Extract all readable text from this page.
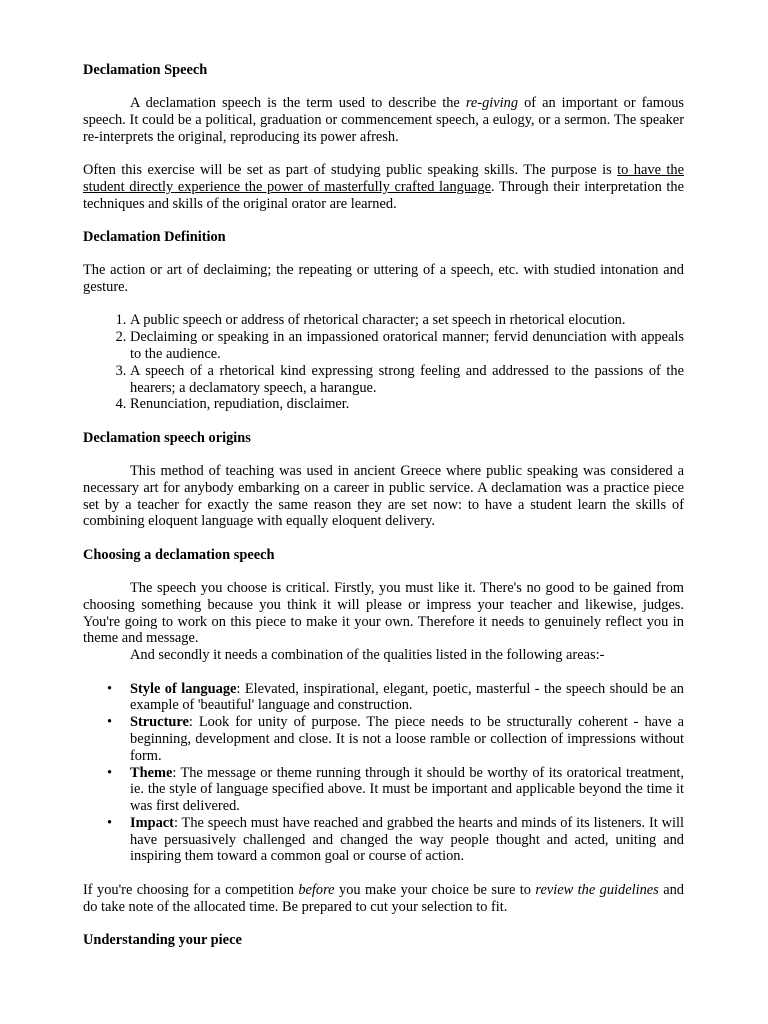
Declamation Speech

A declamation speech is the term used to describe the re-giving of an important or famous speech. It could be a political, graduation or commencement speech, a eulogy, or a sermon. The speaker re-interprets the original, reproducing its power afresh.

Often this exercise will be set as part of studying public speaking skills. The purpose is to have the student directly experience the power of masterfully crafted language. Through their interpretation the techniques and skills of the original orator are learned.

Declamation Definition

The action or art of declaiming; the repeating or uttering of a speech, etc. with studied intonation and gesture.

1. A public speech or address of rhetorical character; a set speech in rhetorical elocution.
2. Declaiming or speaking in an impassioned oratorical manner; fervid denunciation with appeals to the audience.
3. A speech of a rhetorical kind expressing strong feeling and addressed to the passions of the hearers; a declamatory speech, a harangue.
4. Renunciation, repudiation, disclaimer.
Declamation speech origins

This method of teaching was used in ancient Greece where public speaking was considered a necessary art for anybody embarking on a career in public service. A declamation was a practice piece set by a teacher for exactly the same reason they are set now: to have a student learn the skills of combining eloquent language with equally eloquent delivery.

Choosing a declamation speech

The speech you choose is critical. Firstly, you must like it. There's no good to be gained from choosing something because you think it will please or impress your teacher and likewise, judges. You're going to work on this piece to make it your own. Therefore it needs to genuinely reflect you in theme and message.

And secondly it needs a combination of the qualities listed in the following areas:-

• Style of language: Elevated, inspirational, elegant, poetic, masterful - the speech should be an example of 'beautiful' language and construction.
• Structure: Look for unity of purpose. The piece needs to be structurally coherent - have a beginning, development and close. It is not a loose ramble or collection of impressions without form.
• Theme: The message or theme running through it should be worthy of its oratorical treatment, ie. the style of language specified above. It must be important and applicable beyond the time it was first delivered.
• Impact: The speech must have reached and grabbed the hearts and minds of its listeners. It will have persuasively challenged and changed the way people thought and acted, uniting and inspiring them toward a common goal or course of action.

If you're choosing for a competition before you make your choice be sure to review the guidelines and do take note of the allocated time. Be prepared to cut your selection to fit.

Understanding your piece
